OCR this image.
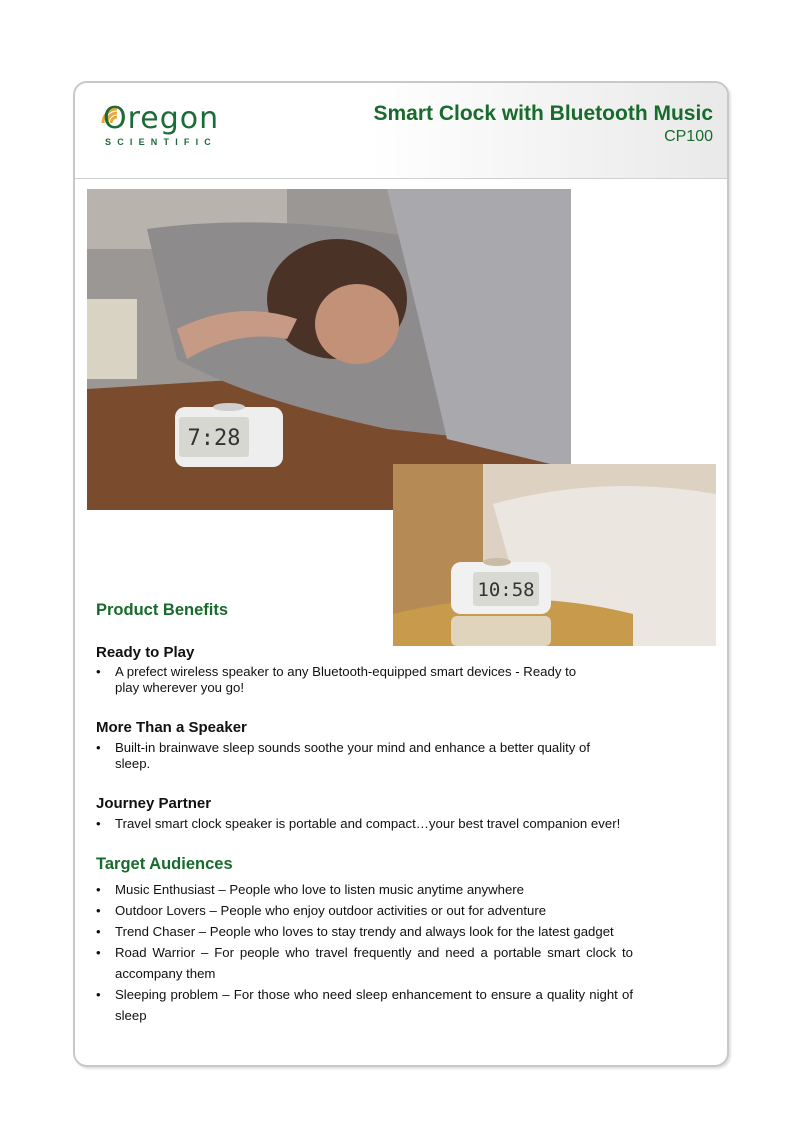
Oregon
SCIENTIFIC
Smart Clock with Bluetooth Music
CP100
7:28
10:58
Product Benefits
Ready to Play
•	A prefect wireless speaker to any Bluetooth-equipped smart devices - Ready to play wherever you go!
More Than a Speaker
•	Built-in brainwave sleep sounds soothe your mind and enhance a better quality of sleep.
Journey Partner
•	Travel smart clock speaker is portable and compact…your best travel companion ever!
Target Audiences
•	Music Enthusiast – People who love to listen music anytime anywhere
•	Outdoor Lovers – People who enjoy outdoor activities or out for adventure
•	Trend Chaser – People who loves to stay trendy and always look for the latest gadget
•	Road Warrior – For people who travel frequently and need a portable smart clock to accompany them
•	Sleeping problem – For those who need sleep enhancement to ensure a quality night of sleep
